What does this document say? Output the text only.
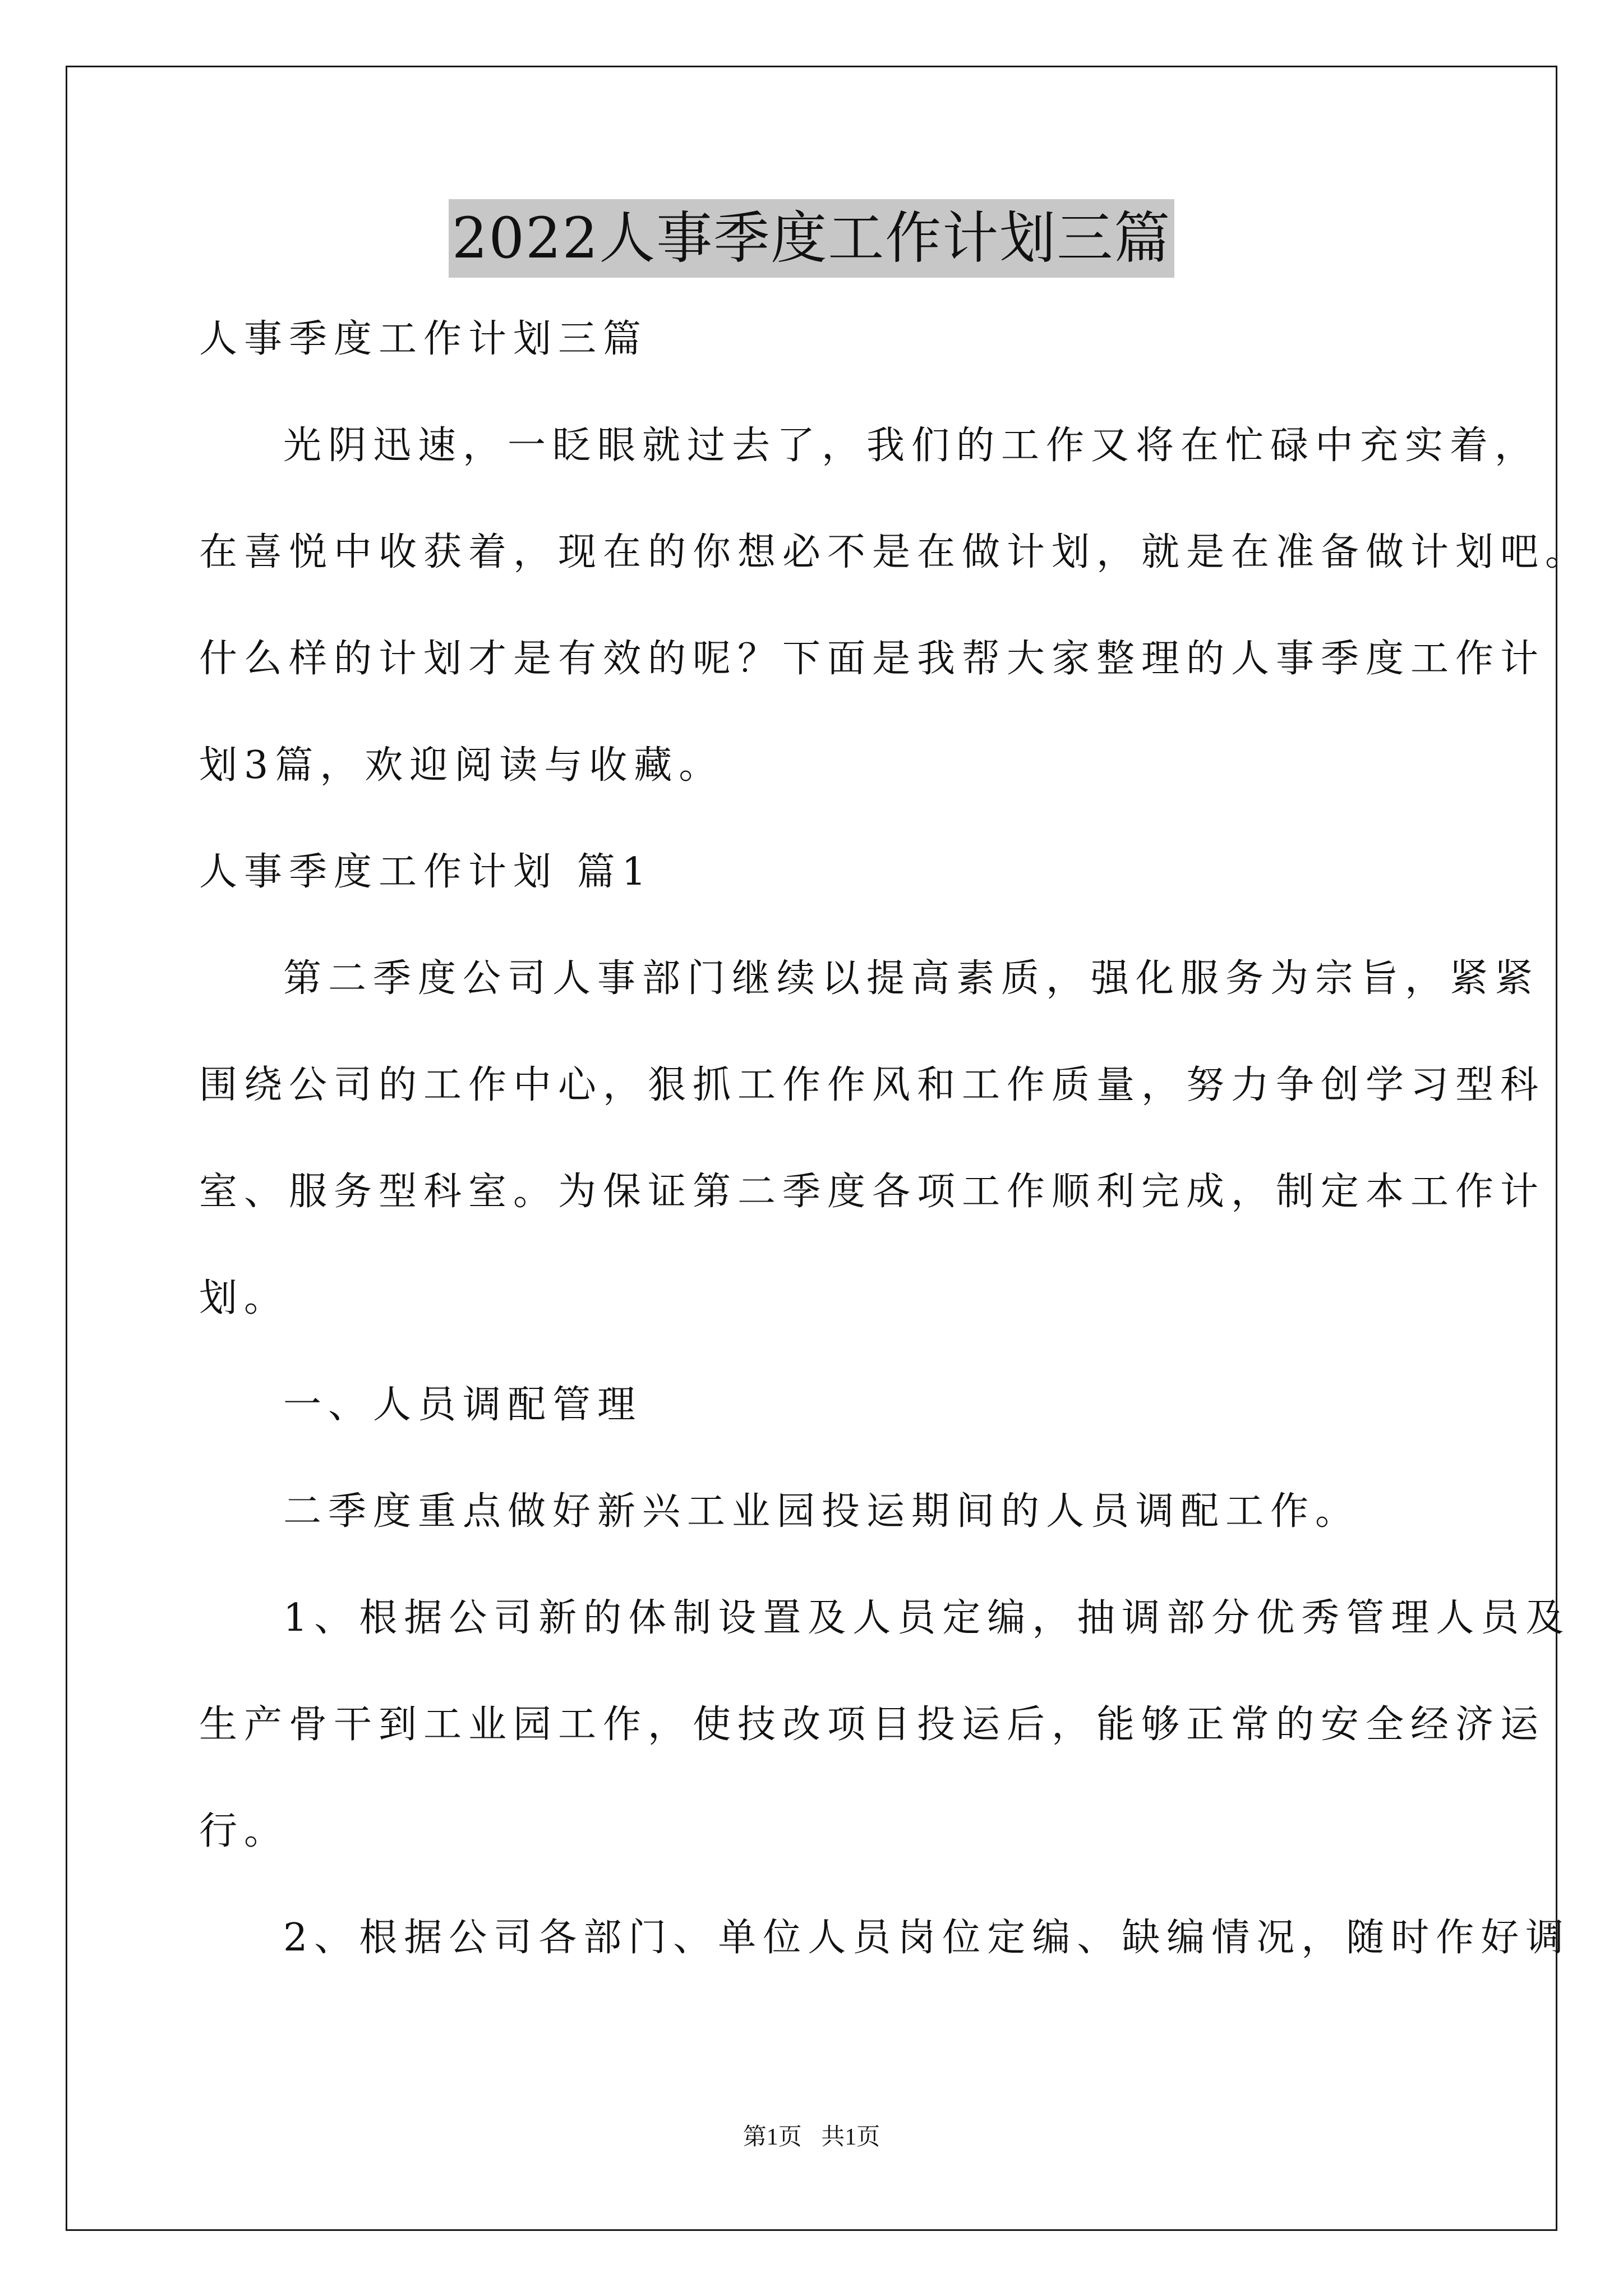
2022人事季度工作计划三篇
人事季度工作计划三篇
光阴迅速，一眨眼就过去了，我们的工作又将在忙碌中充实着，
在喜悦中收获着，现在的你想必不是在做计划，就是在准备做计划吧。
什么样的计划才是有效的呢？下面是我帮大家整理的人事季度工作计
划3篇，欢迎阅读与收藏。
人事季度工作计划 篇1
第二季度公司人事部门继续以提高素质，强化服务为宗旨，紧紧
围绕公司的工作中心，狠抓工作作风和工作质量，努力争创学习型科
室、服务型科室。为保证第二季度各项工作顺利完成，制定本工作计
划。
一、人员调配管理
二季度重点做好新兴工业园投运期间的人员调配工作。
1、根据公司新的体制设置及人员定编，抽调部分优秀管理人员及
生产骨干到工业园工作，使技改项目投运后，能够正常的安全经济运
行。
2、根据公司各部门、单位人员岗位定编、缺编情况，随时作好调
第1页 共1页
